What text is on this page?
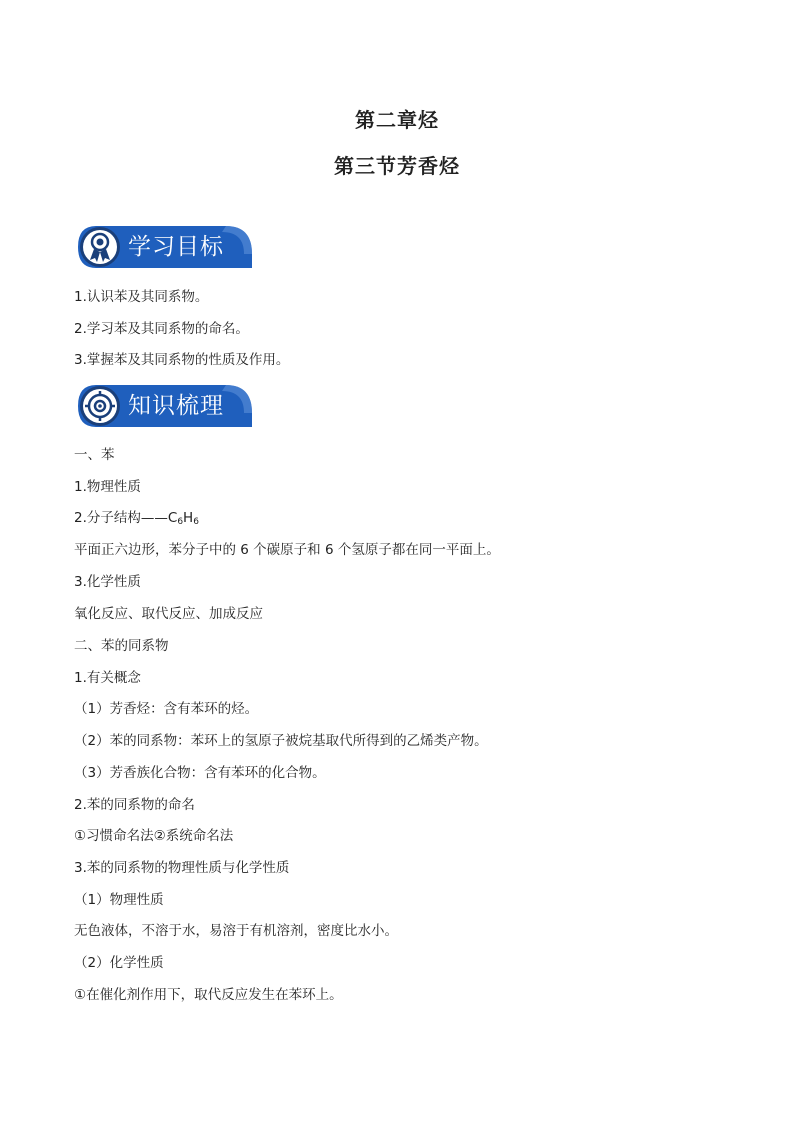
第二章烃
第三节芳香烃
学习目标
1.认识苯及其同系物。
2.学习苯及其同系物的命名。
3.掌握苯及其同系物的性质及作用。
知识梳理
一、苯
1.物理性质
2.分子结构$——C_6H_6$
平面正六边形，苯分子中的 6 个碳原子和 6 个氢原子都在同一平面上。
3.化学性质
氧化反应、取代反应、加成反应
二、苯的同系物
1.有关概念
（1）芳香烃：含有苯环的烃。
（2）苯的同系物：苯环上的氢原子被烷基取代所得到的乙烯类产物。
（3）芳香族化合物：含有苯环的化合物。
2.苯的同系物的命名
①习惯命名法②系统命名法
3.苯的同系物的物理性质与化学性质
（1）物理性质
无色液体，不溶于水，易溶于有机溶剂，密度比水小。
（2）化学性质
①在催化剂作用下，取代反应发生在苯环上。
